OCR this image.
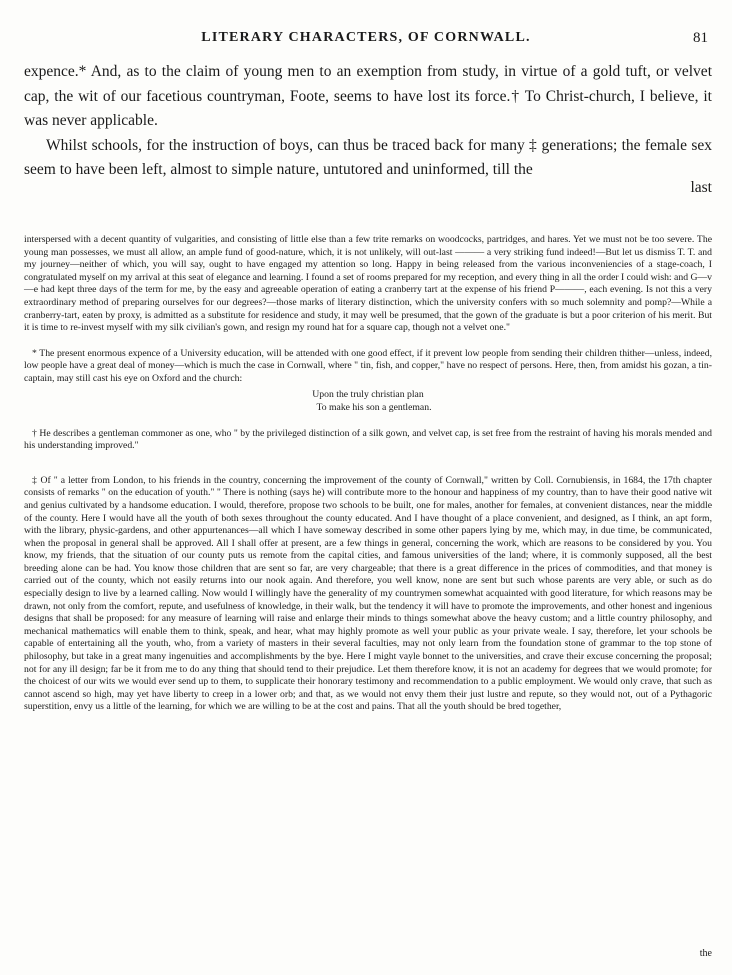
LITERARY CHARACTERS, OF CORNWALL.	81

expence.* And, as to the claim of young men to an exemption from study, in virtue of a gold tuft, or velvet cap, the wit of our facetious countryman, Foote, seems to have lost its force.† To Christ-church, I believe, it was never applicable.

Whilst schools, for the instruction of boys, can thus be traced back for many ‡ generations; the female sex seem to have been left, almost to simple nature, untutored and uninformed, till the

last

interspersed with a decent quantity of vulgarities, and consisting of little else than a few trite remarks on woodcocks, partridges, and hares. Yet we must not be too severe. The young man possesses, we must all allow, an ample fund of good-nature, which, it is not unlikely, will out-last ——— a very striking fund indeed!—But let us dismiss T. T. and my journey—neither of which, you will say, ought to have engaged my attention so long. Happy in being released from the various inconveniencies of a stage-coach, I congratulated myself on my arrival at this seat of elegance and learning. I found a set of rooms prepared for my reception, and every thing in all the order I could wish: and G—v—e had kept three days of the term for me, by the easy and agreeable operation of eating a cranberry tart at the expense of his friend P———, each evening. Is not this a very extraordinary method of preparing ourselves for our degrees?—those marks of literary distinction, which the university confers with so much solemnity and pomp?—While a cranberry-tart, eaten by proxy, is admitted as a substitute for residence and study, it may well be presumed, that the gown of the graduate is but a poor criterion of his merit. But it is time to re-invest myself with my silk civilian's gown, and resign my round hat for a square cap, though not a velvet one."

* The present enormous expence of a University education, will be attended with one good effect, if it prevent low people from sending their children thither—unless, indeed, low people have a great deal of money—which is much the case in Cornwall, where " tin, fish, and copper," have no respect of persons. Here, then, from amidst his gozan, a tin-captain, may still cast his eye on Oxford and the church:

Upon the truly christian plan
To make his son a gentleman.

† He describes a gentleman commoner as one, who " by the privileged distinction of a silk gown, and velvet cap, is set free from the restraint of having his morals mended and his understanding improved."

‡ Of " a letter from London, to his friends in the country, concerning the improvement of the county of Cornwall," written by Coll. Cornubiensis, in 1684, the 17th chapter consists of remarks " on the education of youth." " There is nothing (says he) will contribute more to the honour and happiness of my country, than to have their good native wit and genius cultivated by a handsome education. I would, therefore, propose two schools to be built, one for males, another for females, at convenient distances, near the middle of the county. Here I would have all the youth of both sexes throughout the county educated. And I have thought of a place convenient, and designed, as I think, an apt form, with the library, physic-gardens, and other appurtenances—all which I have someway described in some other papers lying by me, which may, in due time, be communicated, when the proposal in general shall be approved. All I shall offer at present, are a few things in general, concerning the work, which are reasons to be considered by you. You know, my friends, that the situation of our county puts us remote from the capital cities, and famous universities of the land; where, it is commonly supposed, all the best breeding alone can be had. You know those children that are sent so far, are very chargeable; that there is a great difference in the prices of commodities, and that money is carried out of the county, which not easily returns into our nook again. And therefore, you well know, none are sent but such whose parents are very able, or such as do especially design to live by a learned calling. Now would I willingly have the generality of my countrymen somewhat acquainted with good literature, for which reasons may be drawn, not only from the comfort, repute, and usefulness of knowledge, in their walk, but the tendency it will have to promote the improvements, and other honest and ingenious designs that shall be proposed: for any measure of learning will raise and enlarge their minds to things somewhat above the heavy custom; and a little country philosophy, and mechanical mathematics will enable them to think, speak, and hear, what may highly promote as well your public as your private weale. I say, therefore, let your schools be capable of entertaining all the youth, who, from a variety of masters in their several faculties, may not only learn from the foundation stone of grammar to the top stone of philosophy, but take in a great many ingenuities and accomplishments by the bye. Here I might vayle bonnet to the universities, and crave their excuse concerning the proposal; not for any ill design; far be it from me to do any thing that should tend to their prejudice. Let them therefore know, it is not an academy for degrees that we would promote; for the choicest of our wits we would ever send up to them, to supplicate their honorary testimony and recommendation to a public employment. We would only crave, that such as cannot ascend so high, may yet have liberty to creep in a lower orb; and that, as we would not envy them their just lustre and repute, so they would not, out of a Pythagoric superstition, envy us a little of the learning, for which we are willing to be at the cost and pains. That all the youth should be bred together,

the
